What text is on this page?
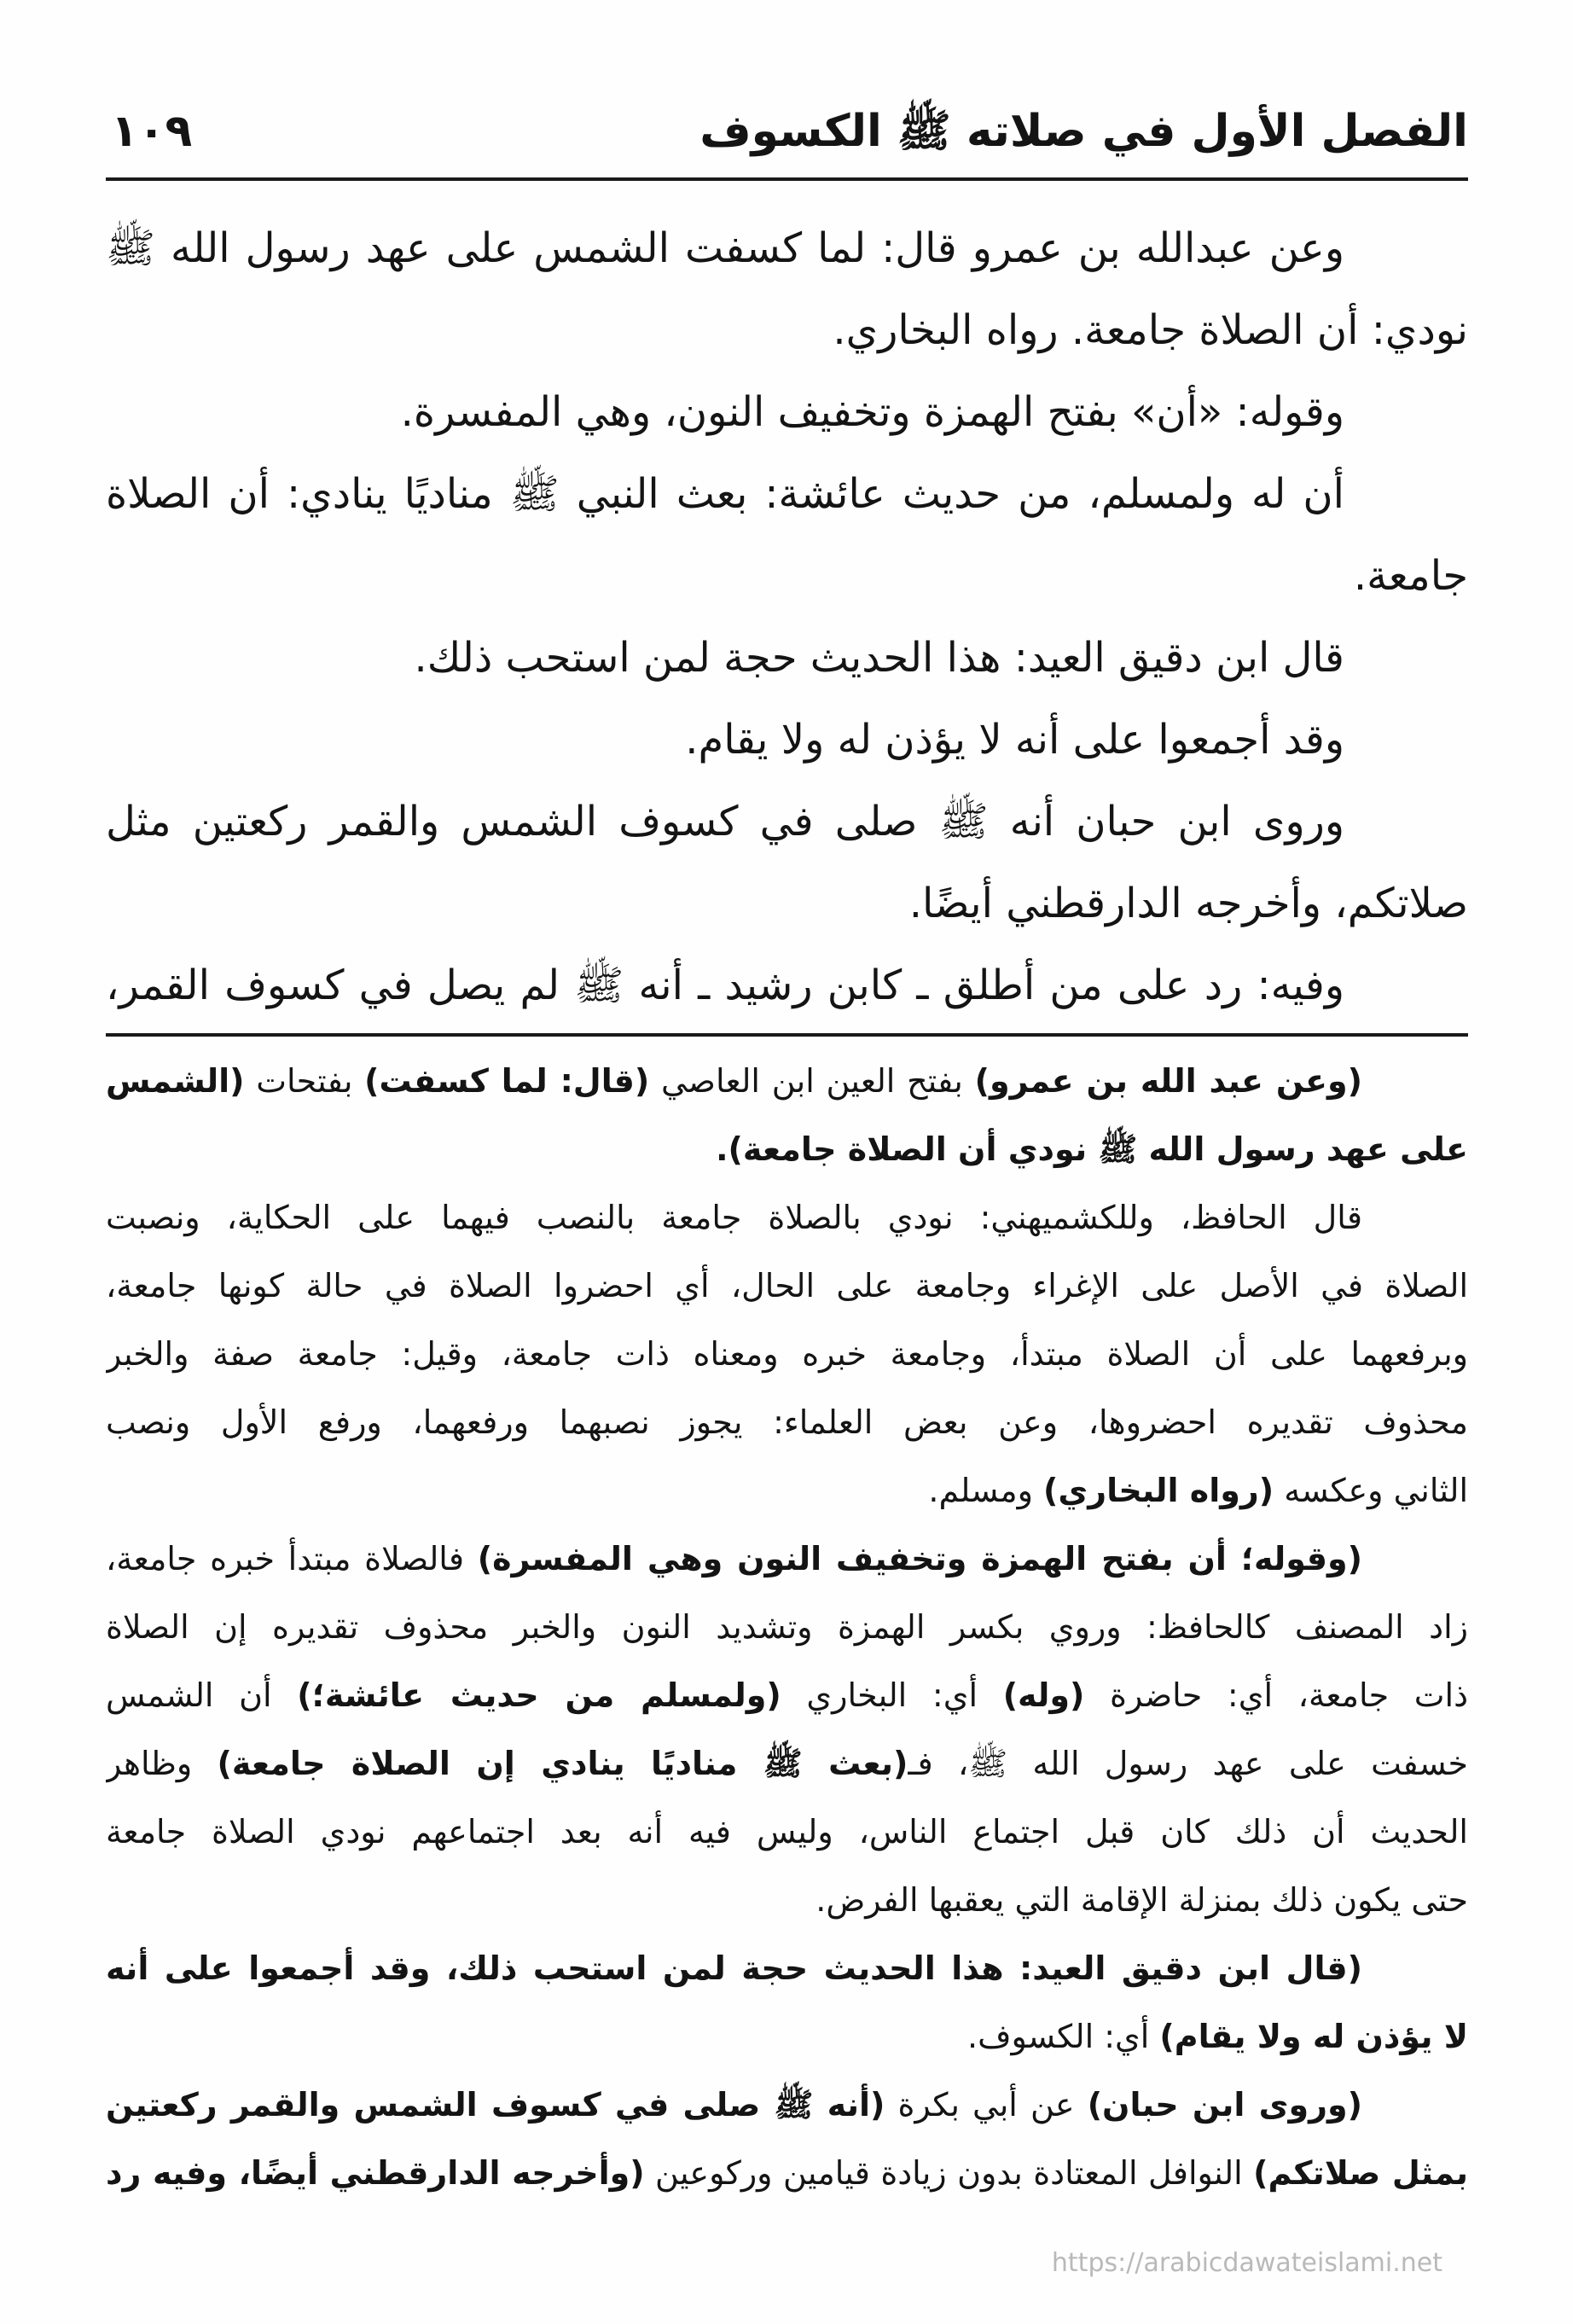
الفصل الأول في صلاته ﷺ الكسوف
١٠٩
وعن عبدالله بن عمرو قال: لما كسفت الشمس على عهد رسول الله ﷺ
نودي: أن الصلاة جامعة. رواه البخاري.
وقوله: «أن» بفتح الهمزة وتخفيف النون، وهي المفسرة.
أن له ولمسلم، من حديث عائشة: بعث النبي ﷺ مناديًا ينادي: أن الصلاة
جامعة.
قال ابن دقيق العيد: هذا الحديث حجة لمن استحب ذلك.
وقد أجمعوا على أنه لا يؤذن له ولا يقام.
وروى ابن حبان أنه ﷺ صلى في كسوف الشمس والقمر ركعتين مثل
صلاتكم، وأخرجه الدارقطني أيضًا.
وفيه: رد على من أطلق ـ كابن رشيد ـ أنه ﷺ لم يصل في كسوف القمر،
(وعن عبد الله بن عمرو) بفتح العين ابن العاصي (قال: لما كسفت) بفتحات (الشمس
على عهد رسول الله ﷺ نودي أن الصلاة جامعة).
قال الحافظ، وللكشميهني: نودي بالصلاة جامعة بالنصب فيهما على الحكاية، ونصبت
الصلاة في الأصل على الإغراء وجامعة على الحال، أي احضروا الصلاة في حالة كونها جامعة،
وبرفعهما على أن الصلاة مبتدأ، وجامعة خبره ومعناه ذات جامعة، وقيل: جامعة صفة والخبر
محذوف تقديره احضروها، وعن بعض العلماء: يجوز نصبهما ورفعهما، ورفع الأول ونصب
الثاني وعكسه (رواه البخاري) ومسلم.
(وقوله؛ أن بفتح الهمزة وتخفيف النون وهي المفسرة) فالصلاة مبتدأ خبره جامعة،
زاد المصنف كالحافظ: وروي بكسر الهمزة وتشديد النون والخبر محذوف تقديره إن الصلاة
ذات جامعة، أي: حاضرة (وله) أي: البخاري (ولمسلم من حديث عائشة؛) أن الشمس
خسفت على عهد رسول الله ﷺ، فـ(بعث ﷺ مناديًا ينادي إن الصلاة جامعة) وظاهر
الحديث أن ذلك كان قبل اجتماع الناس، وليس فيه أنه بعد اجتماعهم نودي الصلاة جامعة
حتى يكون ذلك بمنزلة الإقامة التي يعقبها الفرض.
(قال ابن دقيق العيد: هذا الحديث حجة لمن استحب ذلك، وقد أجمعوا على أنه
لا يؤذن له ولا يقام) أي: الكسوف.
(وروى ابن حبان) عن أبي بكرة (أنه ﷺ صلى في كسوف الشمس والقمر ركعتين
بمثل صلاتكم) النوافل المعتادة بدون زيادة قيامين وركوعين (وأخرجه الدارقطني أيضًا، وفيه رد
https://arabicdawateislami.net
